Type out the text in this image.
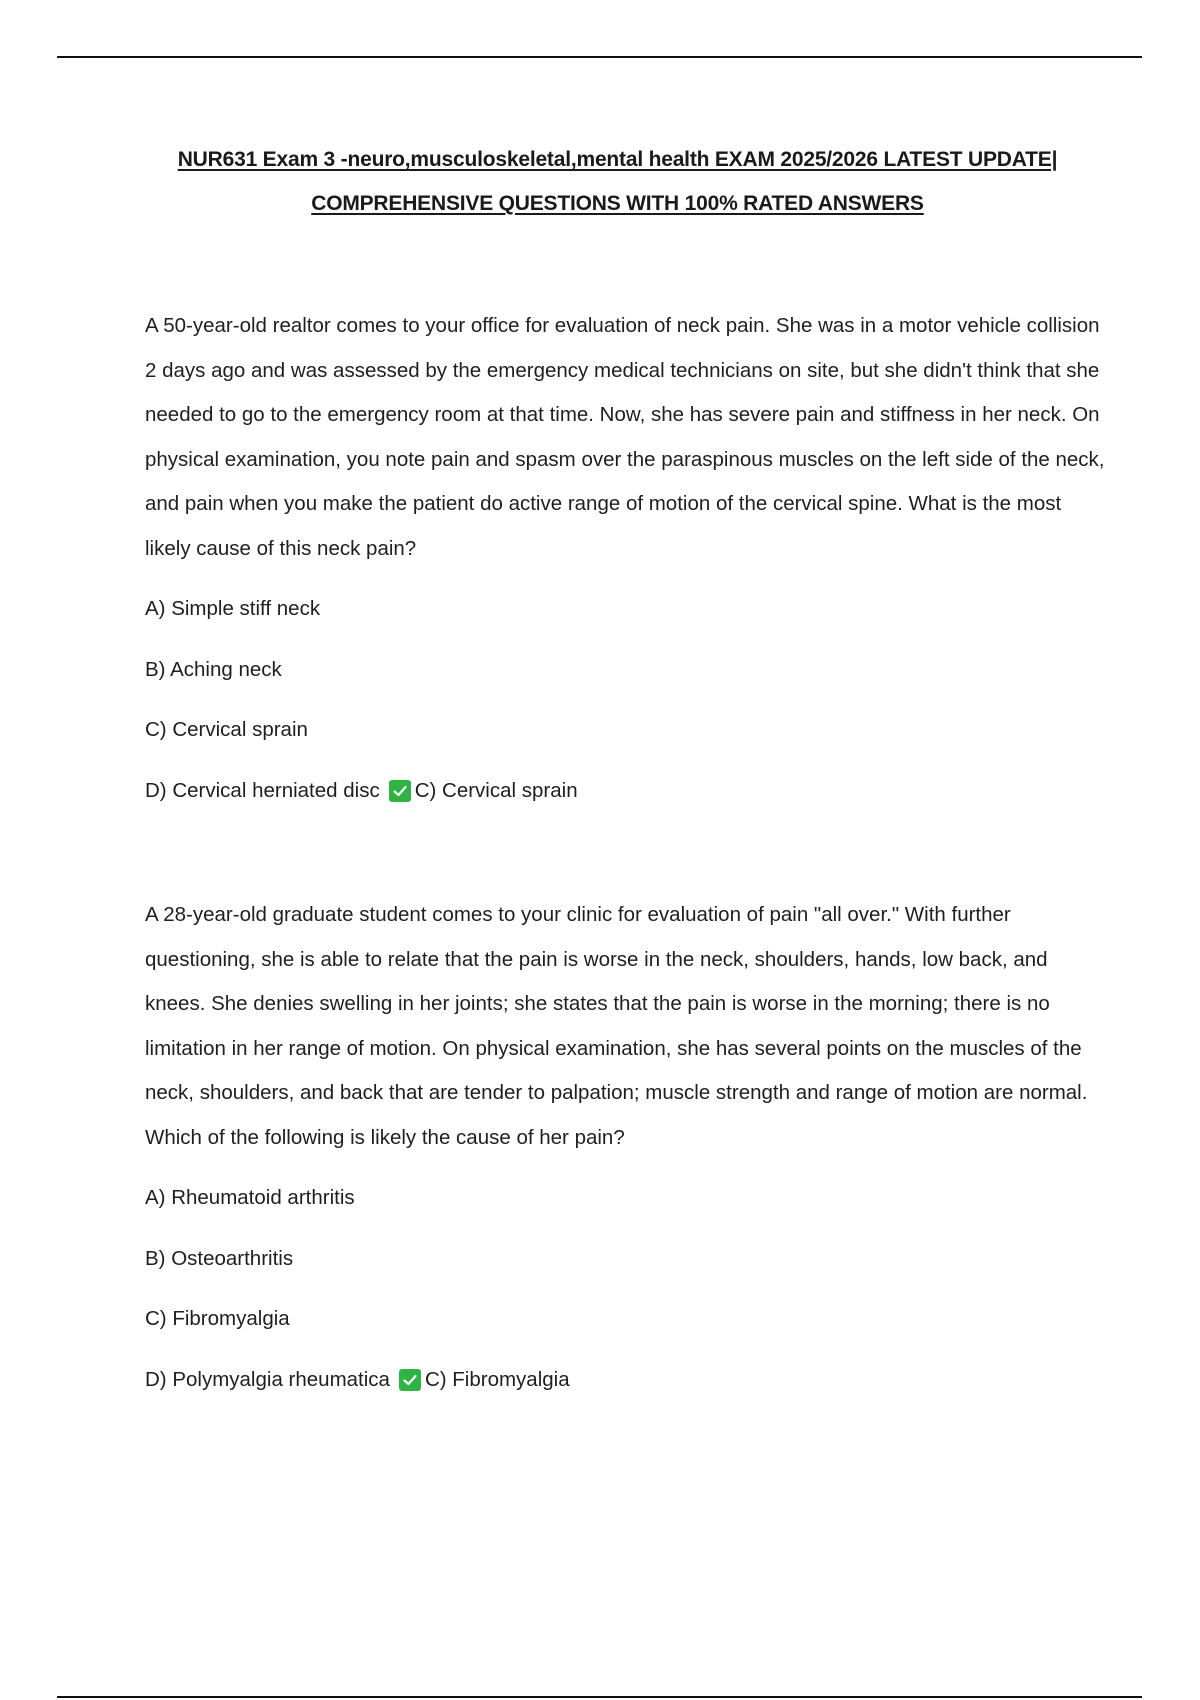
NUR631 Exam 3 -neuro,musculoskeletal,mental health EXAM 2025/2026 LATEST UPDATE|
COMPREHENSIVE QUESTIONS WITH 100% RATED ANSWERS

A 50-year-old realtor comes to your office for evaluation of neck pain. She was in a motor vehicle collision 2 days ago and was assessed by the emergency medical technicians on site, but she didn't think that she needed to go to the emergency room at that time. Now, she has severe pain and stiffness in her neck. On physical examination, you note pain and spasm over the paraspinous muscles on the left side of the neck, and pain when you make the patient do active range of motion of the cervical spine. What is the most likely cause of this neck pain?

A) Simple stiff neck

B) Aching neck

C) Cervical sprain

D) Cervical herniated disc C) Cervical sprain

A 28-year-old graduate student comes to your clinic for evaluation of pain "all over." With further questioning, she is able to relate that the pain is worse in the neck, shoulders, hands, low back, and knees. She denies swelling in her joints; she states that the pain is worse in the morning; there is no limitation in her range of motion. On physical examination, she has several points on the muscles of the neck, shoulders, and back that are tender to palpation; muscle strength and range of motion are normal. Which of the following is likely the cause of her pain?

A) Rheumatoid arthritis

B) Osteoarthritis

C) Fibromyalgia

D) Polymyalgia rheumatica C) Fibromyalgia
